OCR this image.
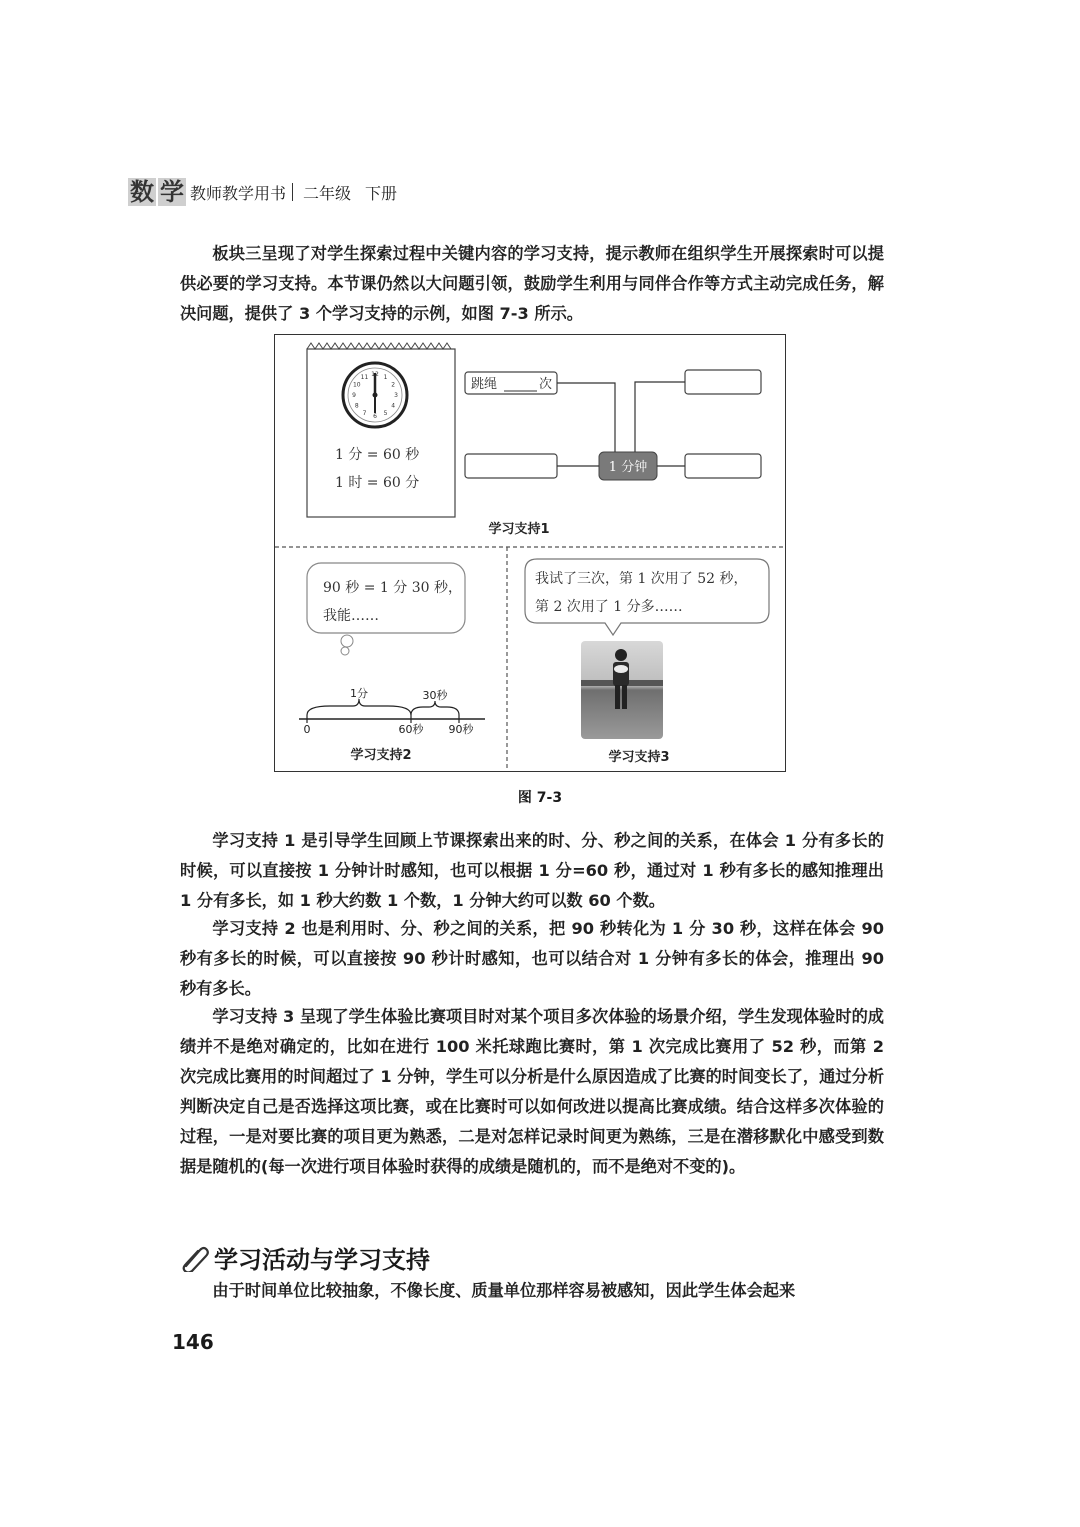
数 学 教师教学用书 二年级 下册

板块三呈现了对学生探索过程中关键内容的学习支持，提示教师在组织学生开展探索时可以提供必要的学习支持。本节课仍然以大问题引领，鼓励学生利用与同伴合作等方式主动完成任务，解决问题，提供了 3 个学习支持的示例，如图 7-3 所示。

12 1
2
3
4
5
6
7
8
9
10
11
1 分 = 60 秒
1 时 = 60 分
跳绳	次
1 分钟
学习支持1
90 秒 = 1 分 30 秒，
我能……
1分	30秒
0	60秒 90秒
学习支持2
我试了三次，第 1 次用了 52 秒，
第 2 次用了 1 分多……
学习支持3
图 7-3

学习支持 1 是引导学生回顾上节课探索出来的时、分、秒之间的关系，在体会 1 分有多长的时候，可以直接按 1 分钟计时感知，也可以根据 1 分=60 秒，通过对 1 秒有多长的感知推理出 1 分有多长，如 1 秒大约数 1 个数，1 分钟大约可以数 60 个数。

学习支持 2 也是利用时、分、秒之间的关系，把 90 秒转化为 1 分 30 秒，这样在体会 90 秒有多长的时候，可以直接按 90 秒计时感知，也可以结合对 1 分钟有多长的体会，推理出 90 秒有多长。

学习支持 3 呈现了学生体验比赛项目时对某个项目多次体验的场景介绍，学生发现体验时的成绩并不是绝对确定的，比如在进行 100 米托球跑比赛时，第 1 次完成比赛用了 52 秒，而第 2 次完成比赛用的时间超过了 1 分钟，学生可以分析是什么原因造成了比赛的时间变长了，通过分析判断决定自己是否选择这项比赛，或在比赛时可以如何改进以提高比赛成绩。结合这样多次体验的过程，一是对要比赛的项目更为熟悉，二是对怎样记录时间更为熟练，三是在潜移默化中感受到数据是随机的(每一次进行项目体验时获得的成绩是随机的，而不是绝对不变的)。

学习活动与学习支持

由于时间单位比较抽象，不像长度、质量单位那样容易被感知，因此学生体会起来

146
